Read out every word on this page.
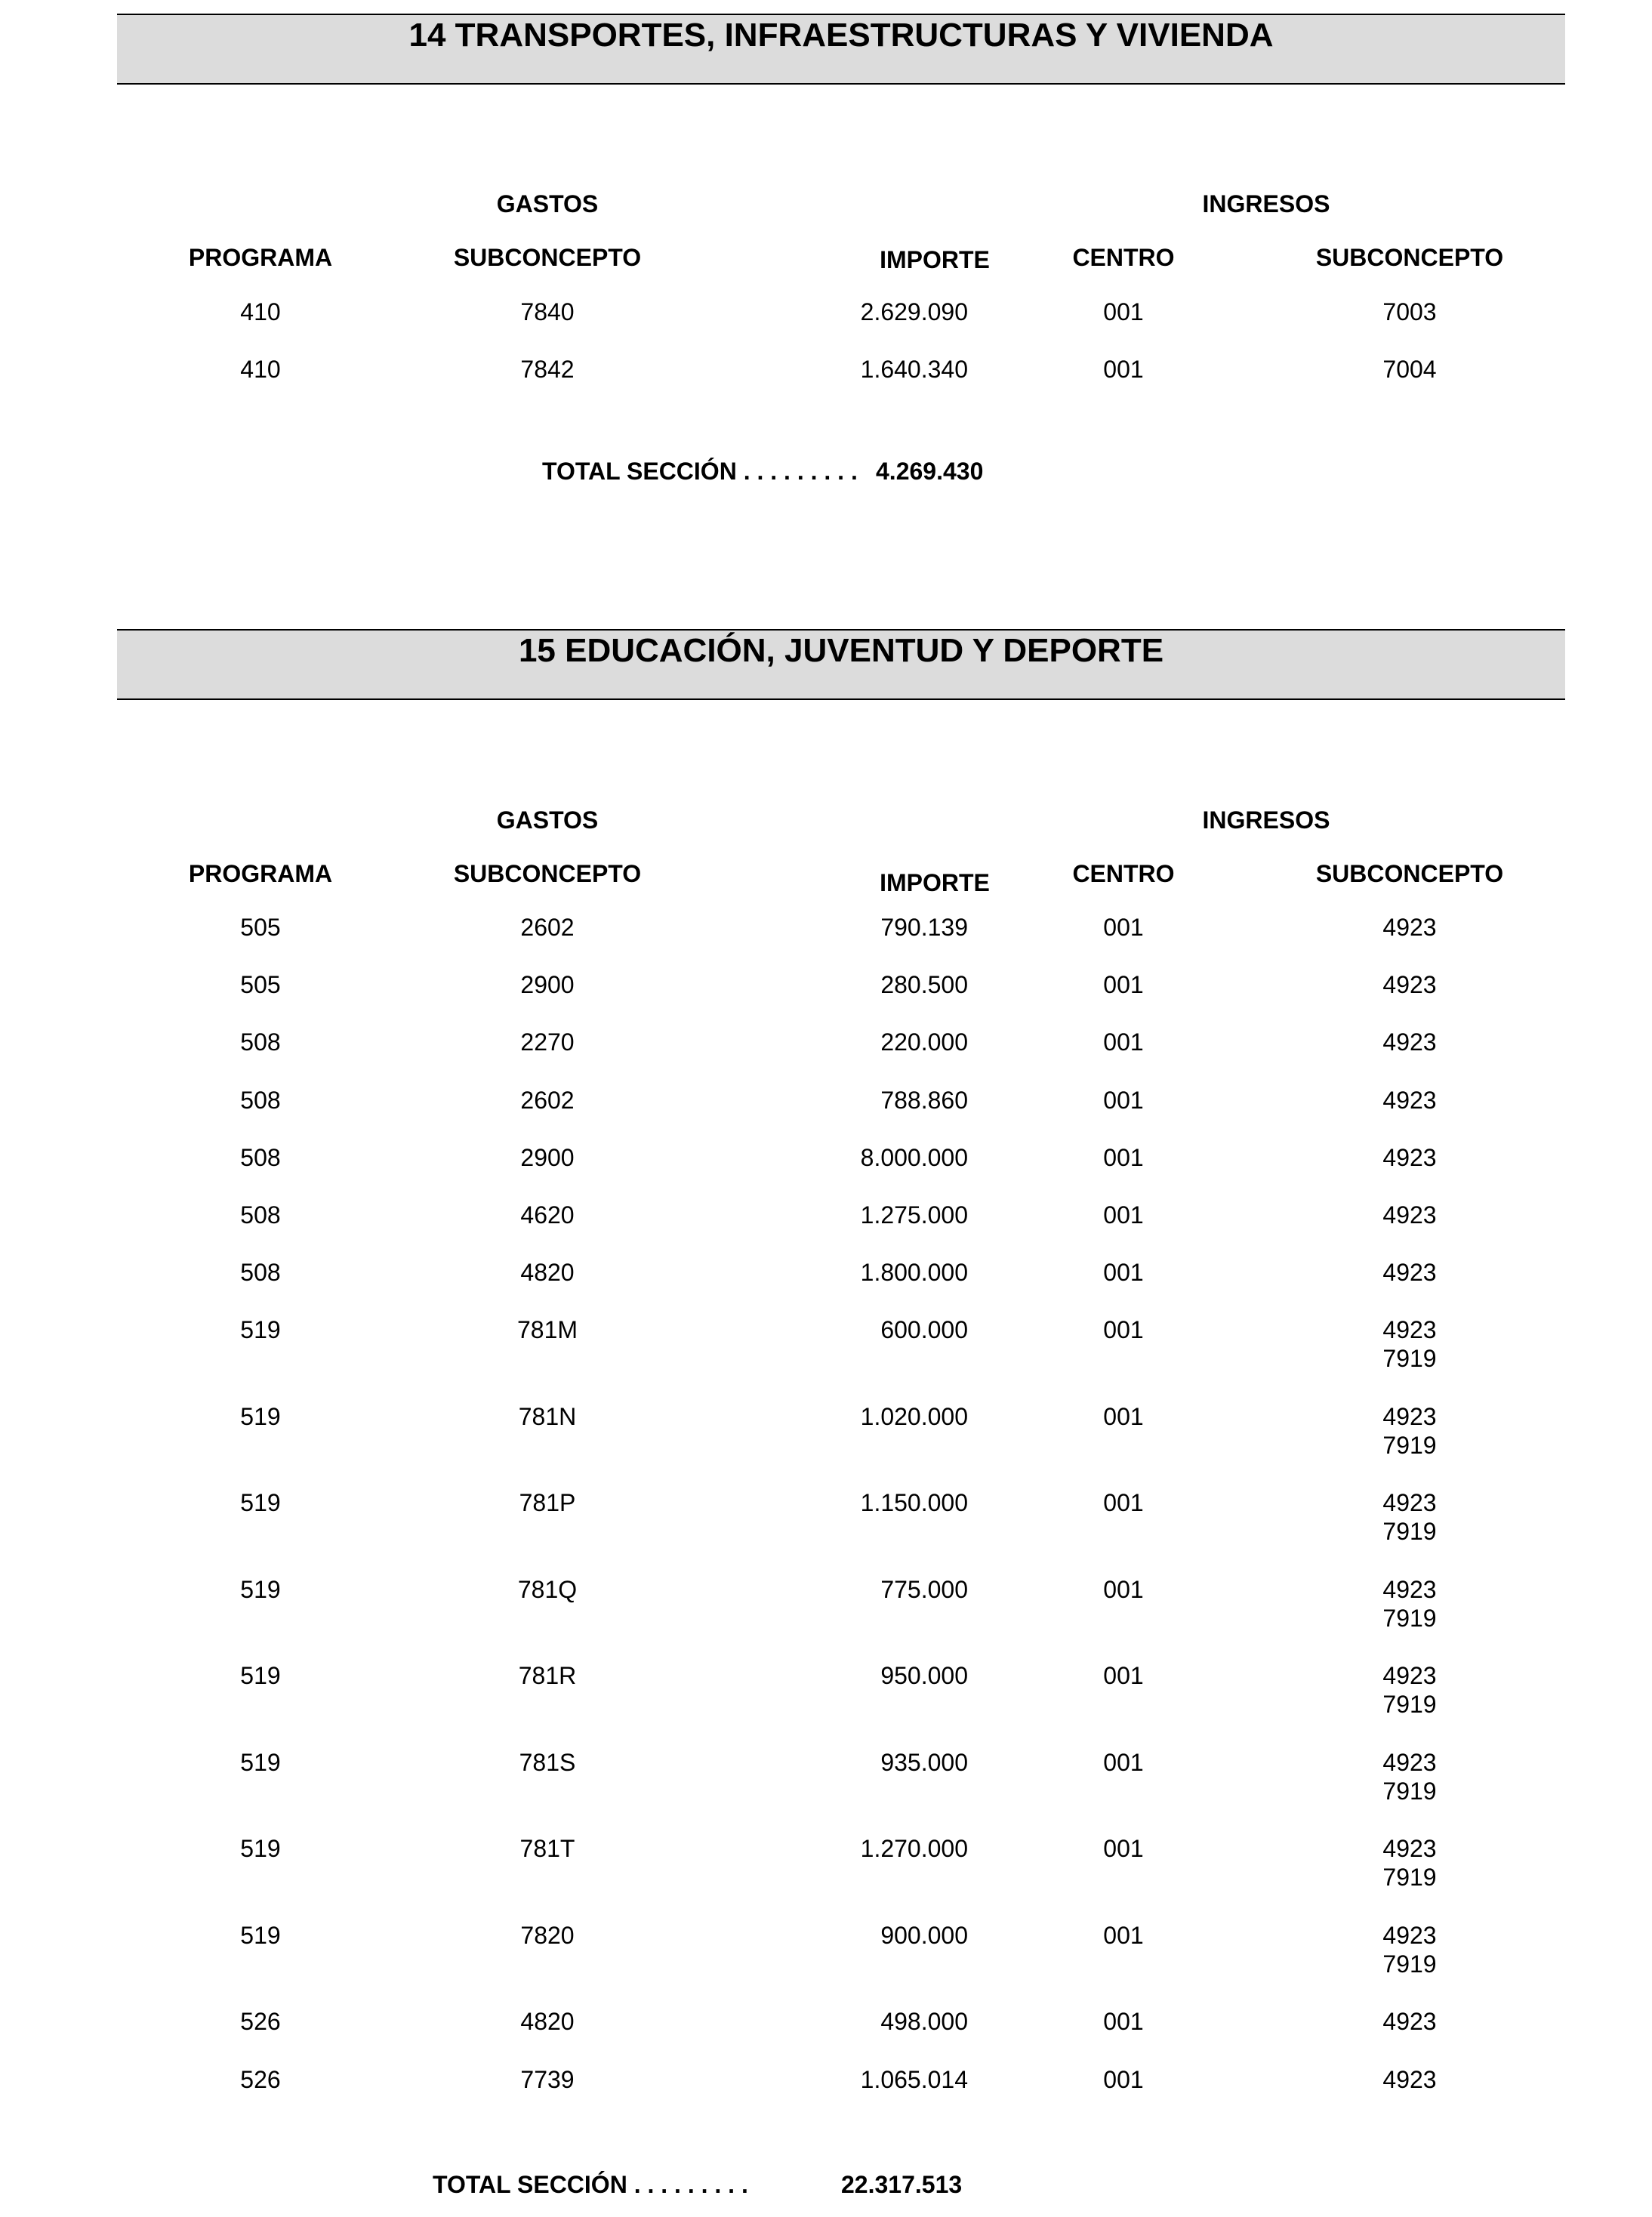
14 TRANSPORTES, INFRAESTRUCTURAS Y VIVIENDA
GASTOS	INGRESOS
PROGRAMA	SUBCONCEPTO	IMPORTE	CENTRO	SUBCONCEPTO
410	7840	2.629.090	001	7003
410	7842	1.640.340	001	7004
TOTAL SECCIÓN . . . . . . . . . 4.269.430
15 EDUCACIÓN, JUVENTUD Y DEPORTE
GASTOS	INGRESOS
PROGRAMA	SUBCONCEPTO	IMPORTE	CENTRO	SUBCONCEPTO
505	2602	790.139	001	4923
505	2900	280.500	001	4923
508	2270	220.000	001	4923
508	2602	788.860	001	4923
508	2900	8.000.000	001	4923
508	4620	1.275.000	001	4923
508	4820	1.800.000	001	4923
519	781M	600.000	001	4923
7919
519	781N	1.020.000	001	4923
7919
519	781P	1.150.000	001	4923
7919
519	781Q	775.000	001	4923
7919
519	781R	950.000	001	4923
7919
519	781S	935.000	001	4923
7919
519	781T	1.270.000	001	4923
7919
519	7820	900.000	001	4923
7919
526	4820	498.000	001	4923
526	7739	1.065.014	001	4923
TOTAL SECCIÓN . . . . . . . . .	22.317.513
